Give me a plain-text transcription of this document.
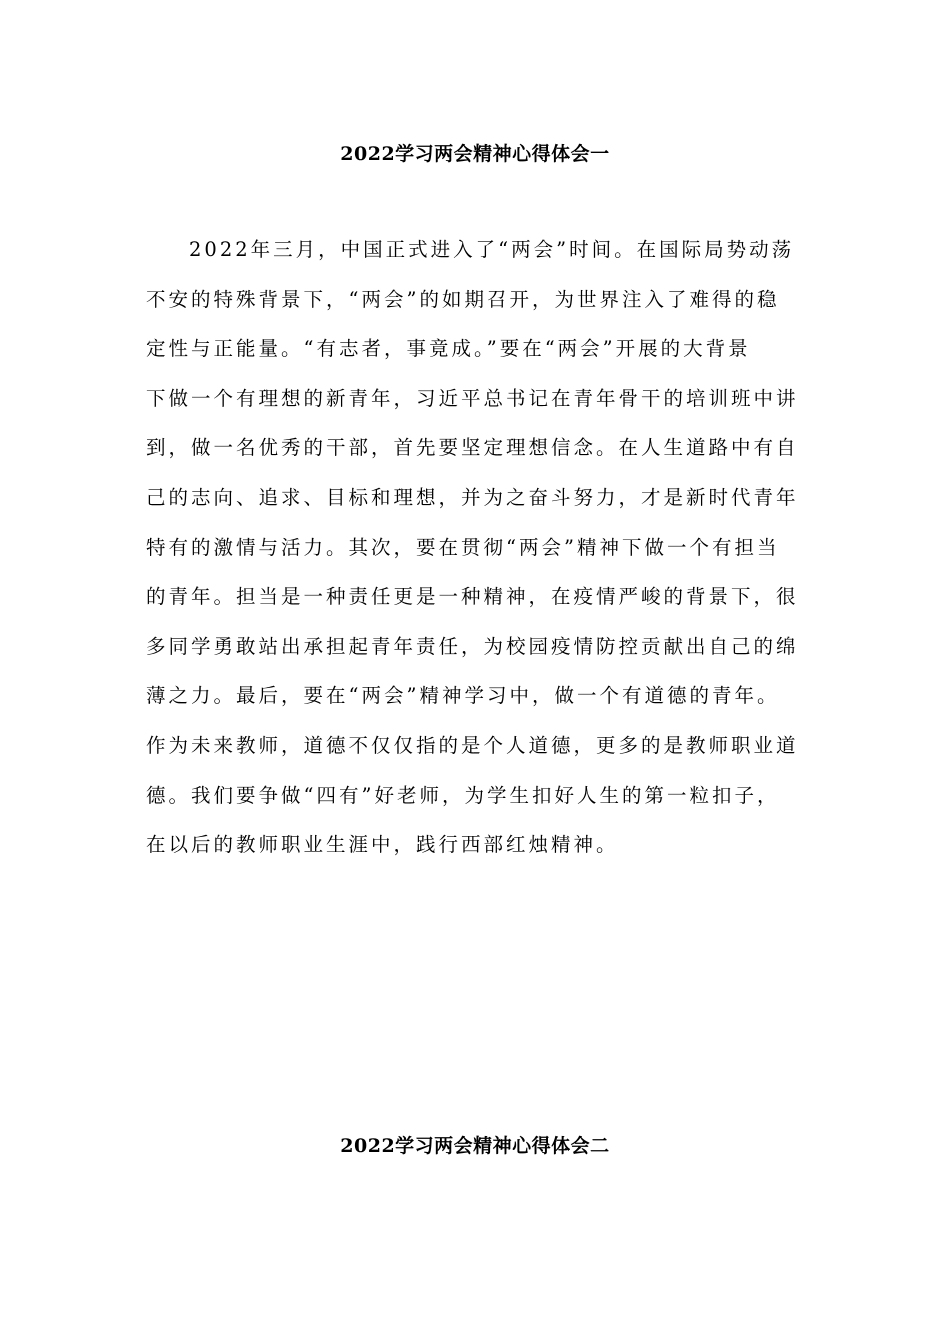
2022学习两会精神心得体会一
2022年三月，中国正式进入了“两会”时间。在国际局势动荡
不安的特殊背景下，“两会”的如期召开，为世界注入了难得的稳
定性与正能量。“有志者，事竟成。”要在“两会”开展的大背景
下做一个有理想的新青年，习近平总书记在青年骨干的培训班中讲
到，做一名优秀的干部，首先要坚定理想信念。在人生道路中有自
己的志向、追求、目标和理想，并为之奋斗努力，才是新时代青年
特有的激情与活力。其次，要在贯彻“两会”精神下做一个有担当
的青年。担当是一种责任更是一种精神，在疫情严峻的背景下，很
多同学勇敢站出承担起青年责任，为校园疫情防控贡献出自己的绵
薄之力。最后，要在“两会”精神学习中，做一个有道德的青年。
作为未来教师，道德不仅仅指的是个人道德，更多的是教师职业道
德。我们要争做“四有”好老师，为学生扣好人生的第一粒扣子，
在以后的教师职业生涯中，践行西部红烛精神。
2022学习两会精神心得体会二
